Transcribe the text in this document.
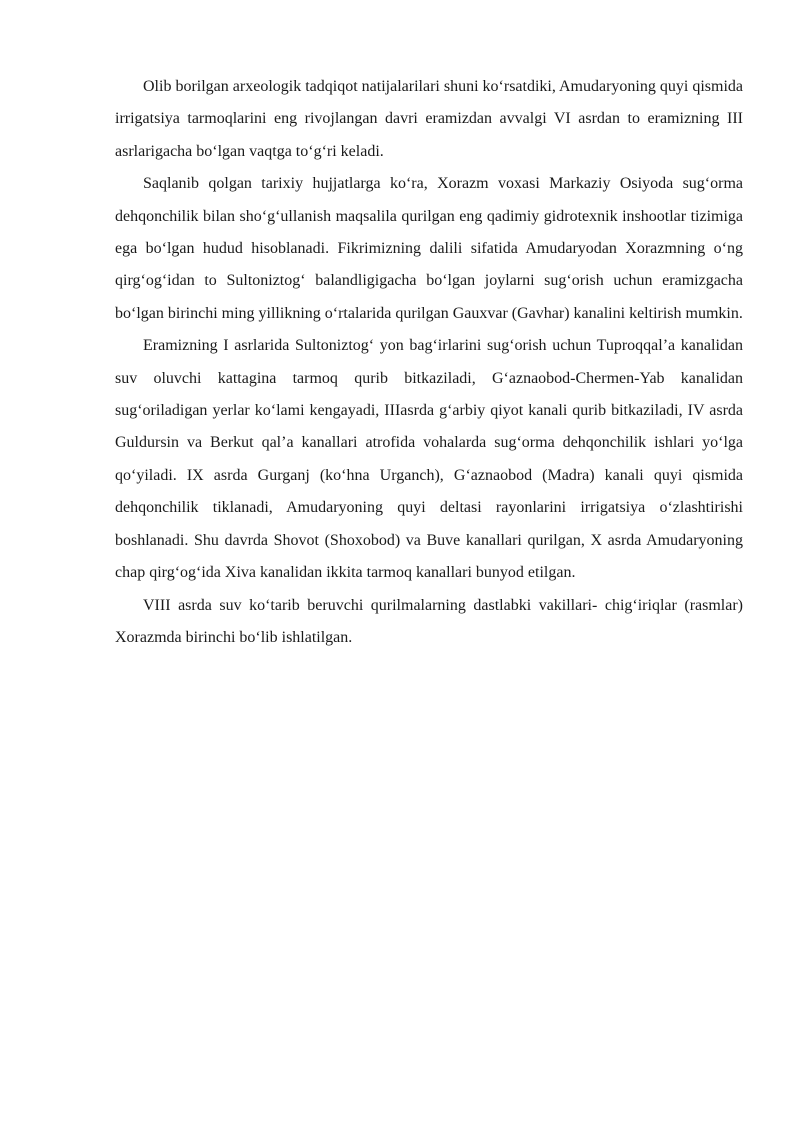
Olib borilgan arxeologik tadqiqot natijalarilari shuni ko‘rsatdiki, Amudaryoning quyi qismida irrigatsiya tarmoqlarini eng rivojlangan davri eramizdan avvalgi VI asrdan to eramizning III asrlarigacha bo‘lgan vaqtga to‘g‘ri keladi.

Saqlanib qolgan tarixiy hujjatlarga ko‘ra, Xorazm voxasi Markaziy Osiyoda sug‘orma dehqonchilik bilan sho‘g‘ullanish maqsalila qurilgan eng qadimiy gidrotexnik inshootlar tizimiga ega bo‘lgan hudud hisoblanadi. Fikrimizning dalili sifatida Amudaryodan Xorazmning o‘ng qirg‘og‘idan to Sultoniztog‘ balandligigacha bo‘lgan joylarni sug‘orish uchun eramizgacha bo‘lgan birinchi ming yillikning o‘rtalarida qurilgan Gauxvar (Gavhar) kanalini keltirish mumkin.

Eramizning I asrlarida Sultoniztog‘ yon bag‘irlarini sug‘orish uchun Tuproqqal’a kanalidan suv oluvchi kattagina tarmoq qurib bitkaziladi, G‘aznaobod-Chermen-Yab kanalidan sug‘oriladigan yerlar ko‘lami kengayadi, IIIasrda g‘arbiy qiyot kanali qurib bitkaziladi, IV asrda Guldursin va Berkut qal’a kanallari atrofida vohalarda sug‘orma dehqonchilik ishlari yo‘lga qo‘yiladi. IX asrda Gurganj (ko‘hna Urganch), G‘aznaobod (Madra) kanali quyi qismida dehqonchilik tiklanadi, Amudaryoning quyi deltasi rayonlarini irrigatsiya o‘zlashtirishi boshlanadi. Shu davrda Shovot (Shoxobod) va Buve kanallari qurilgan, X asrda Amudaryoning chap qirg‘og‘ida Xiva kanalidan ikkita tarmoq kanallari bunyod etilgan.

VIII asrda suv ko‘tarib beruvchi qurilmalarning dastlabki vakillari- chig‘iriqlar (rasmlar) Xorazmda birinchi bo‘lib ishlatilgan.
